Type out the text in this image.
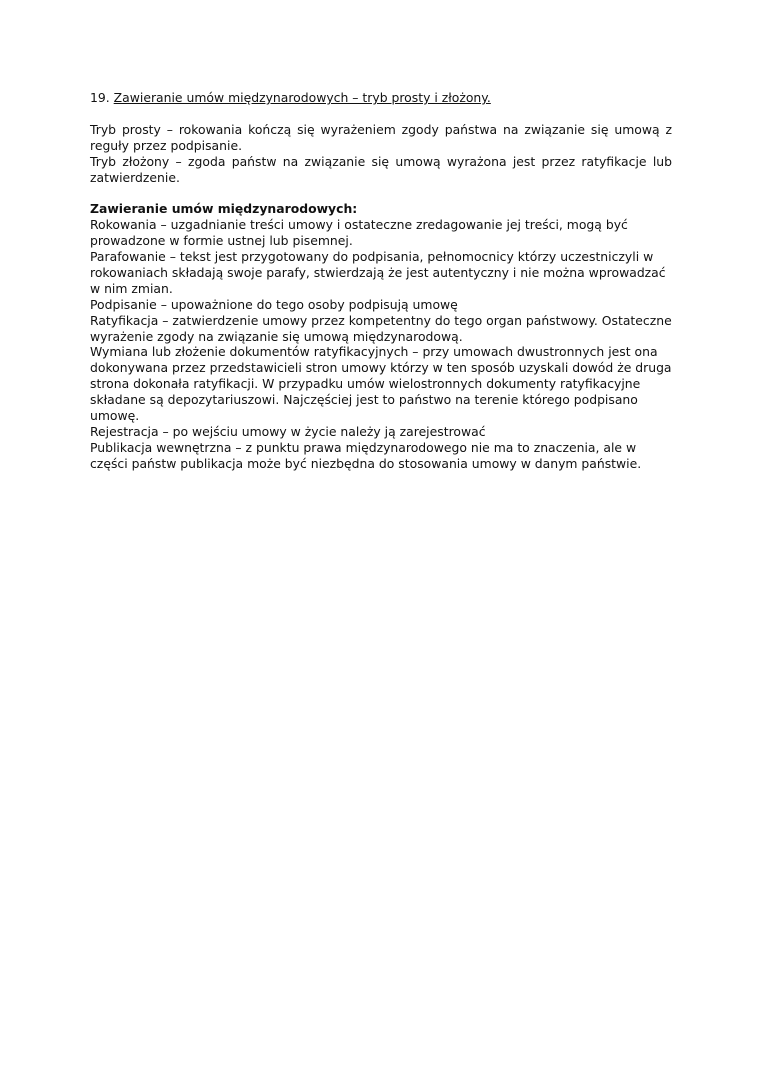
19. Zawieranie umów międzynarodowych – tryb prosty i złożony.

Tryb prosty – rokowania kończą się wyrażeniem zgody państwa na związanie się umową z reguły przez podpisanie.

Tryb złożony – zgoda państw na związanie się umową wyrażona jest przez ratyfikacje lub zatwierdzenie.

Zawieranie umów międzynarodowych:

Rokowania – uzgadnianie treści umowy i ostateczne zredagowanie jej treści, mogą być prowadzone w formie ustnej lub pisemnej.

Parafowanie – tekst jest przygotowany do podpisania, pełnomocnicy którzy uczestniczyli w rokowaniach składają swoje parafy, stwierdzają że jest autentyczny i nie można wprowadzać w nim zmian.

Podpisanie – upoważnione do tego osoby podpisują umowę

Ratyfikacja – zatwierdzenie umowy przez kompetentny do tego organ państwowy. Ostateczne wyrażenie zgody na związanie się umową międzynarodową.

Wymiana lub złożenie dokumentów ratyfikacyjnych – przy umowach dwustronnych jest ona dokonywana przez przedstawicieli stron umowy którzy w ten sposób uzyskali dowód że druga strona dokonała ratyfikacji. W przypadku umów wielostronnych dokumenty ratyfikacyjne składane są depozytariuszowi. Najczęściej jest to państwo na terenie którego podpisano umowę.

Rejestracja – po wejściu umowy w życie należy ją zarejestrować

Publikacja wewnętrzna – z punktu prawa międzynarodowego nie ma to znaczenia, ale w części państw publikacja może być niezbędna do stosowania umowy w danym państwie.
